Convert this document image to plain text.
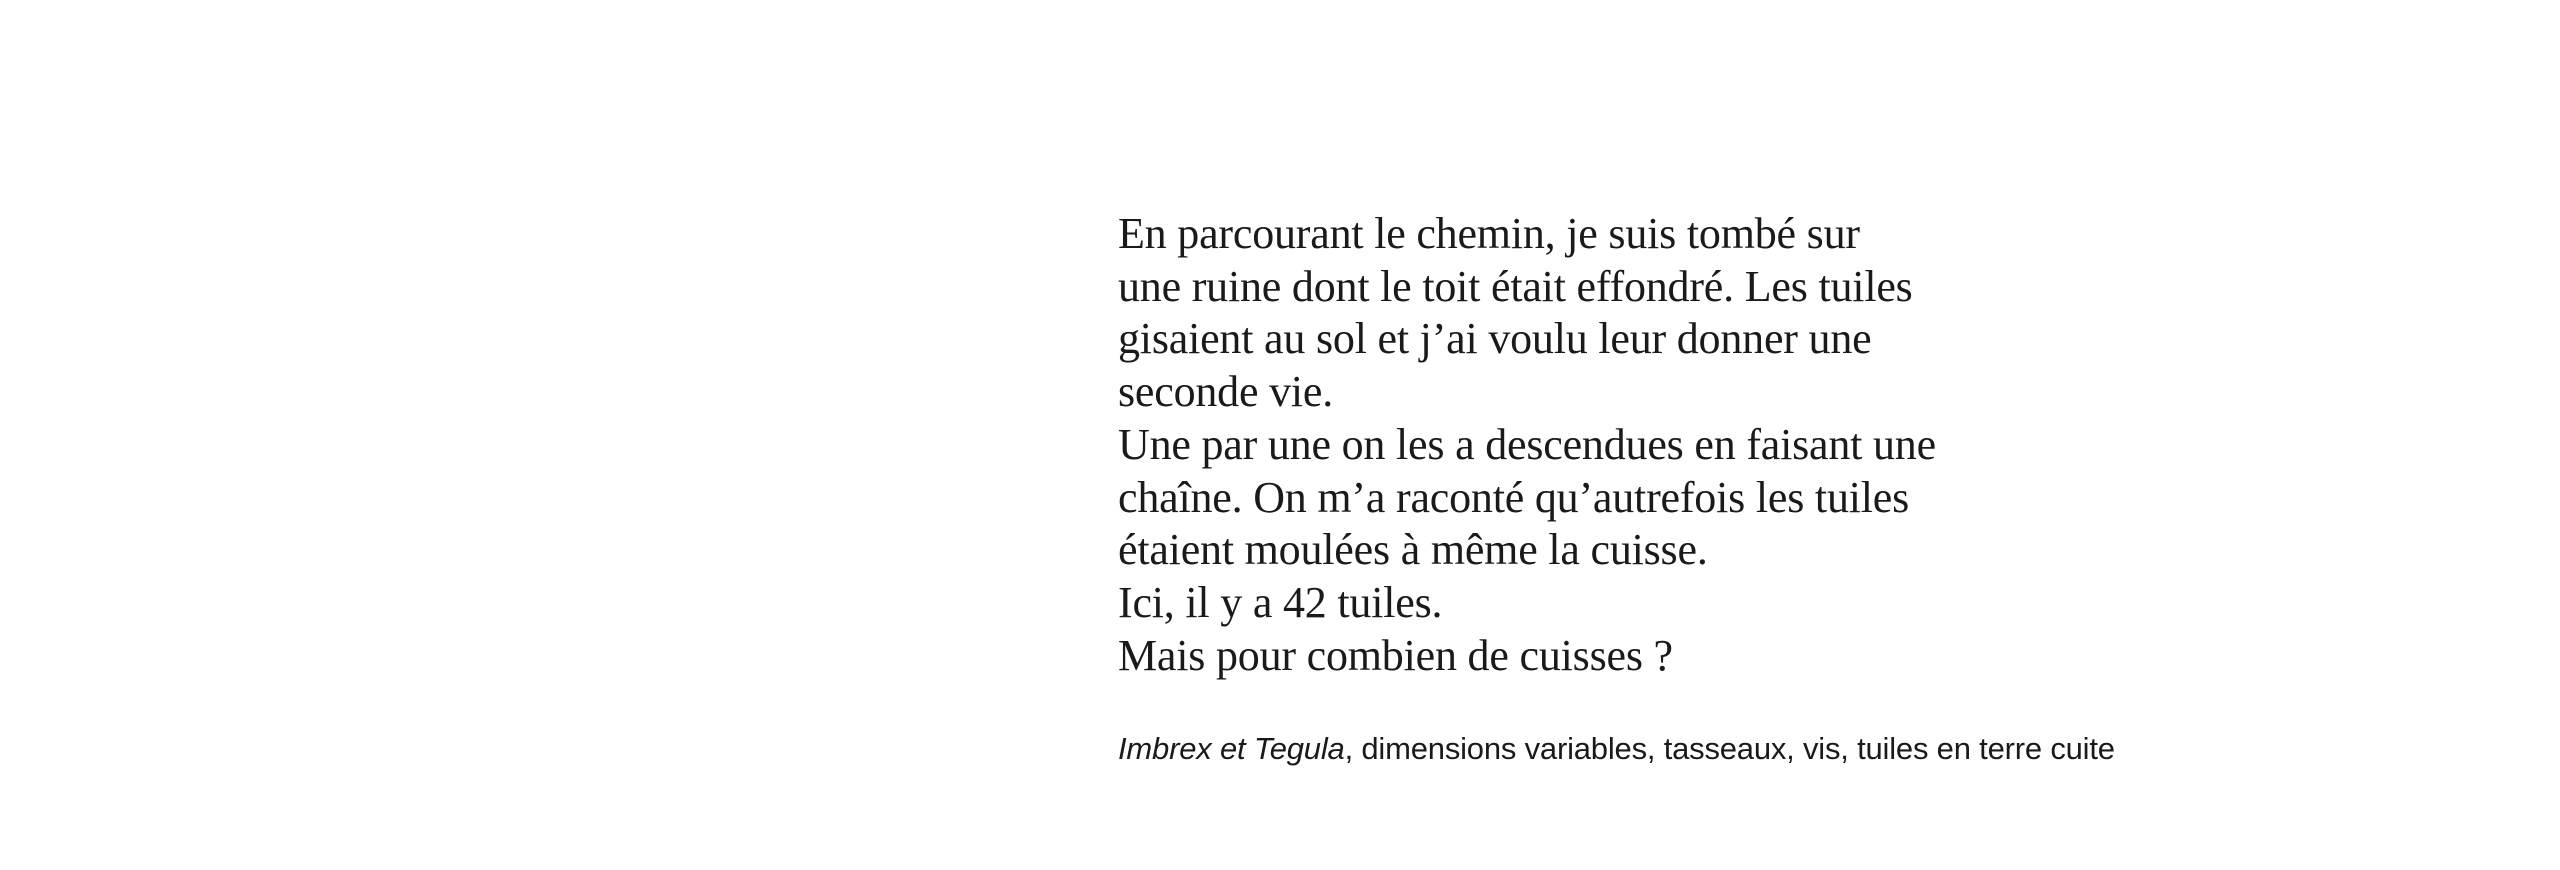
En parcourant le chemin, je suis tombé sur
une ruine dont le toit était effondré. Les tuiles
gisaient au sol et j’ai voulu leur donner une
seconde vie.
Une par une on les a descendues en faisant une
chaîne. On m’a raconté qu’autrefois les tuiles
étaient moulées à même la cuisse.
Ici, il y a 42 tuiles.
Mais pour combien de cuisses ?

Imbrex et Tegula, dimensions variables, tasseaux, vis, tuiles en terre cuite
